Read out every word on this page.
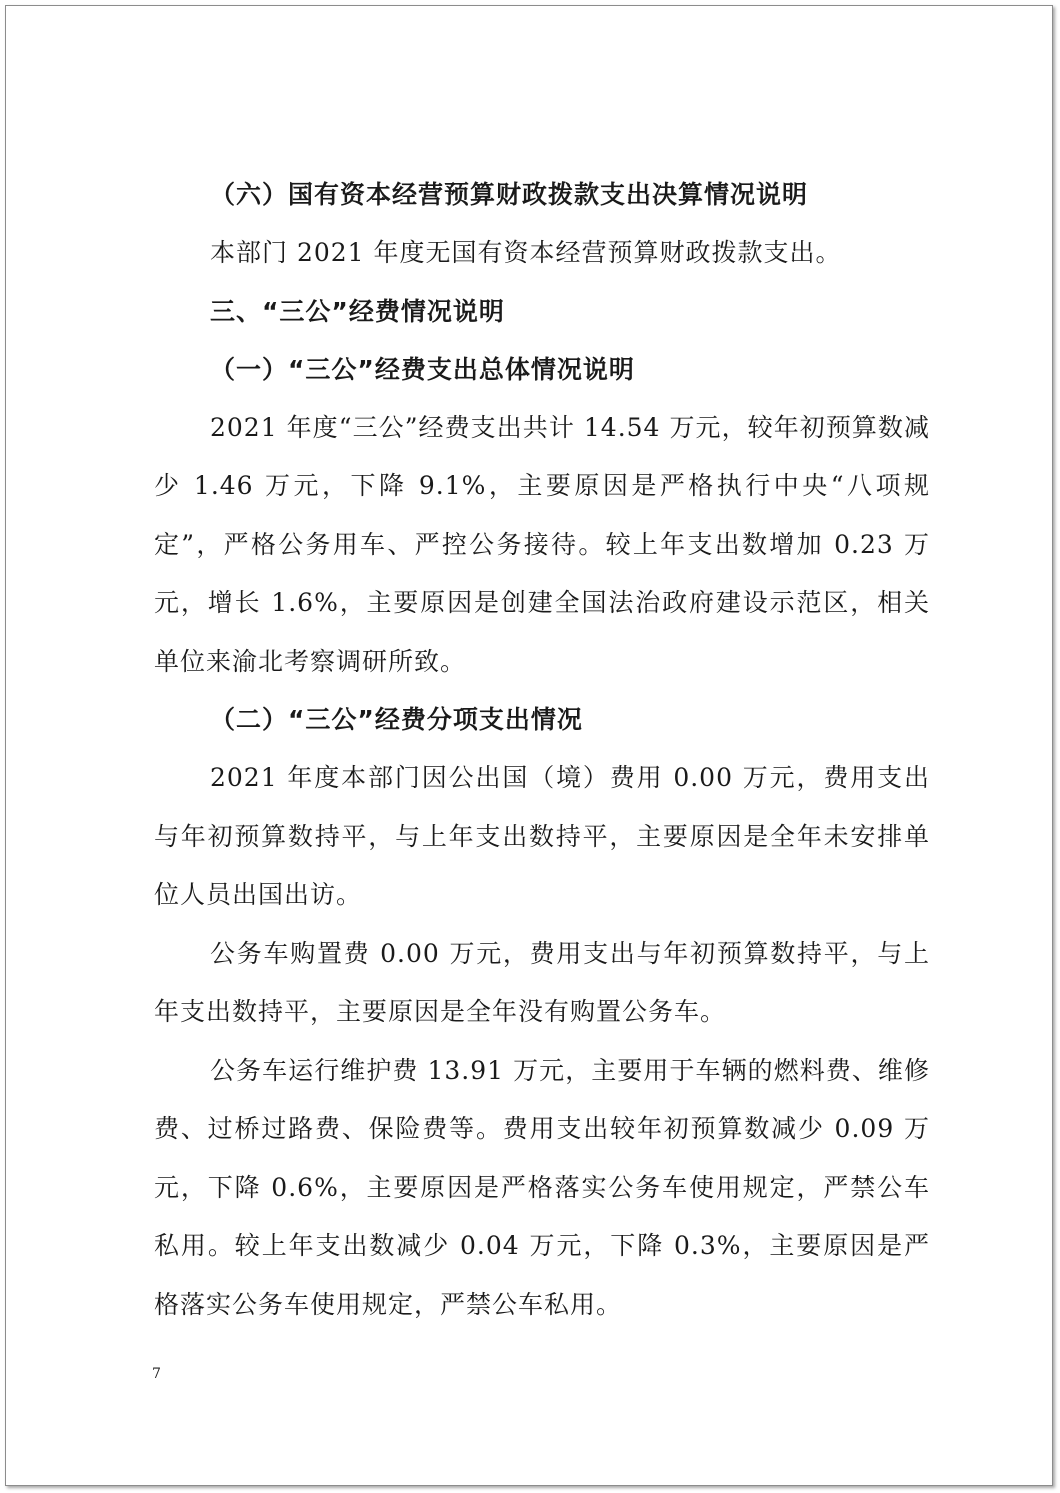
（六）国有资本经营预算财政拨款支出决算情况说明

本部门 2021 年度无国有资本经营预算财政拨款支出。

三、“三公”经费情况说明

（一）“三公”经费支出总体情况说明

2021 年度“三公”经费支出共计 14.54 万元，较年初预算数减少 1.46 万元，下降 9.1%，主要原因是严格执行中央“八项规定”，严格公务用车、严控公务接待。较上年支出数增加 0.23 万元，增长 1.6%，主要原因是创建全国法治政府建设示范区，相关单位来渝北考察调研所致。

（二）“三公”经费分项支出情况

2021 年度本部门因公出国（境）费用 0.00 万元，费用支出与年初预算数持平，与上年支出数持平，主要原因是全年未安排单位人员出国出访。

公务车购置费 0.00 万元，费用支出与年初预算数持平，与上年支出数持平，主要原因是全年没有购置公务车。

公务车运行维护费 13.91 万元，主要用于车辆的燃料费、维修费、过桥过路费、保险费等。费用支出较年初预算数减少 0.09 万元，下降 0.6%，主要原因是严格落实公务车使用规定，严禁公车私用。较上年支出数减少 0.04 万元，下降 0.3%，主要原因是严格落实公务车使用规定，严禁公车私用。

7
